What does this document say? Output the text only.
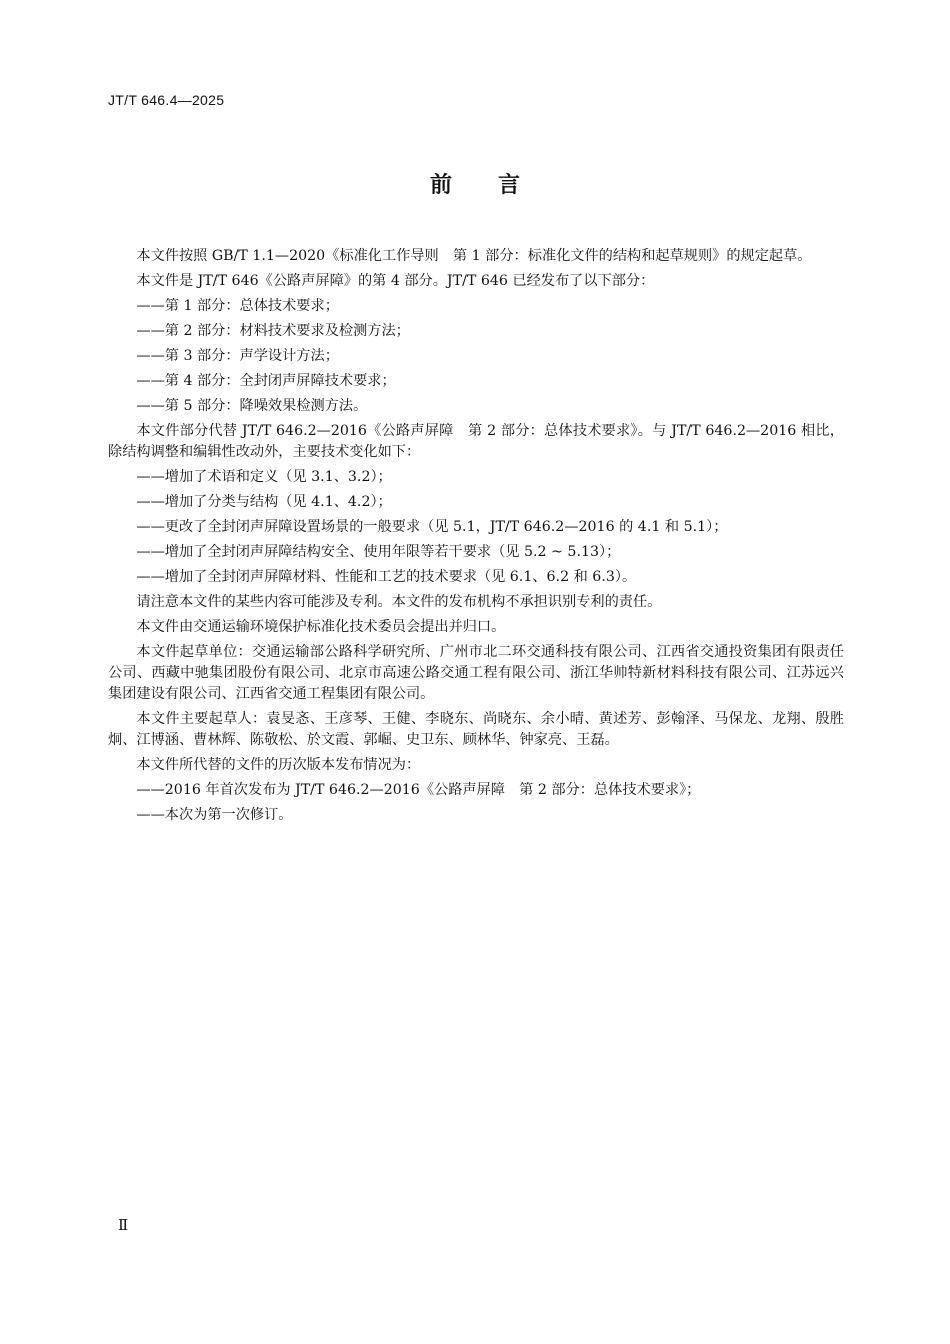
JT/T 646.4—2025
前言

本文件按照 GB/T 1.1—2020《标准化工作导则　第 1 部分：标准化文件的结构和起草规则》的规定起草。

本文件是 JT/T 646《公路声屏障》的第 4 部分。JT/T 646 已经发布了以下部分：

——第 1 部分：总体技术要求；

——第 2 部分：材料技术要求及检测方法；

——第 3 部分：声学设计方法；

——第 4 部分：全封闭声屏障技术要求；

——第 5 部分：降噪效果检测方法。

本文件部分代替 JT/T 646.2—2016《公路声屏障　第 2 部分：总体技术要求》。与 JT/T 646.2—2016 相比，除结构调整和编辑性改动外，主要技术变化如下：

——增加了术语和定义（见 3.1、3.2）；

——增加了分类与结构（见 4.1、4.2）；

——更改了全封闭声屏障设置场景的一般要求（见 5.1，JT/T 646.2—2016 的 4.1 和 5.1）；

——增加了全封闭声屏障结构安全、使用年限等若干要求（见 5.2 ~ 5.13）；

——增加了全封闭声屏障材料、性能和工艺的技术要求（见 6.1、6.2 和 6.3）。

请注意本文件的某些内容可能涉及专利。本文件的发布机构不承担识别专利的责任。

本文件由交通运输环境保护标准化技术委员会提出并归口。

本文件起草单位：交通运输部公路科学研究所、广州市北二环交通科技有限公司、江西省交通投资集团有限责任公司、西藏中驰集团股份有限公司、北京市高速公路交通工程有限公司、浙江华帅特新材料科技有限公司、江苏远兴集团建设有限公司、江西省交通工程集团有限公司。

本文件主要起草人：袁旻忞、王彦琴、王健、李晓东、尚晓东、余小晴、黄述芳、彭翰泽、马保龙、龙翔、殷胜炯、江博涵、曹林辉、陈敬松、於文霞、郭崛、史卫东、顾林华、钟家亮、王磊。

本文件所代替的文件的历次版本发布情况为：

——2016 年首次发布为 JT/T 646.2—2016《公路声屏障　第 2 部分：总体技术要求》；

——本次为第一次修订。

Ⅱ
